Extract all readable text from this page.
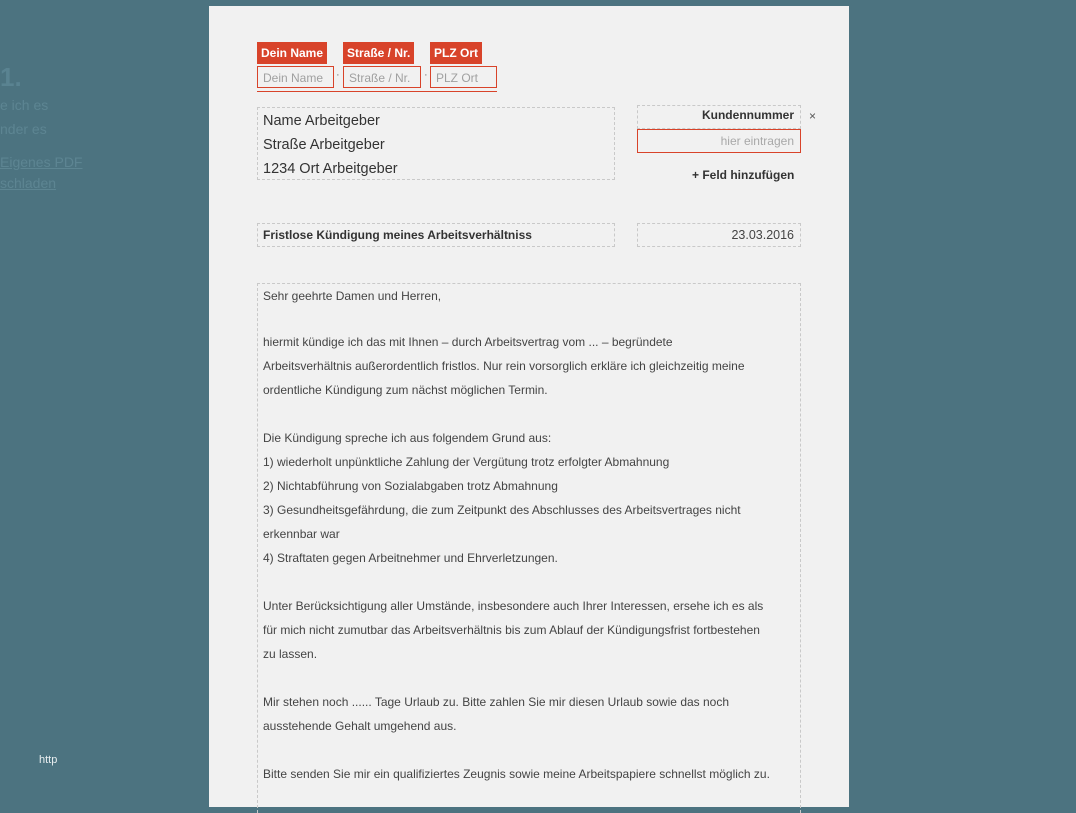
1.
e ich es
nder es
Eigenes PDF
schladen
http
Dein Name	Straße / Nr.	PLZ Ort
Dein Name	· Straße / Nr.	· PLZ Ort
Name Arbeitgeber
Straße Arbeitgeber
1234 Ort Arbeitgeber
Kundennummer ×
hier eintragen
+ Feld hinzufügen
Fristlose Kündigung meines Arbeitsverhältniss	23.03.2016
Sehr geehrte Damen und Herren,
hiermit kündige ich das mit Ihnen – durch Arbeitsvertrag vom ... – begründete
Arbeitsverhältnis außerordentlich fristlos. Nur rein vorsorglich erkläre ich gleichzeitig meine
ordentliche Kündigung zum nächst möglichen Termin.
Die Kündigung spreche ich aus folgendem Grund aus:
1) wiederholt unpünktliche Zahlung der Vergütung trotz erfolgter Abmahnung
2) Nichtabführung von Sozialabgaben trotz Abmahnung
3) Gesundheitsgefährdung, die zum Zeitpunkt des Abschlusses des Arbeitsvertrages nicht
erkennbar war
4) Straftaten gegen Arbeitnehmer und Ehrverletzungen.
Unter Berücksichtigung aller Umstände, insbesondere auch Ihrer Interessen, ersehe ich es als
für mich nicht zumutbar das Arbeitsverhältnis bis zum Ablauf der Kündigungsfrist fortbestehen
zu lassen.
Mir stehen noch ...... Tage Urlaub zu. Bitte zahlen Sie mir diesen Urlaub sowie das noch
ausstehende Gehalt umgehend aus.
Bitte senden Sie mir ein qualifiziertes Zeugnis sowie meine Arbeitspapiere schnellst möglich zu.
